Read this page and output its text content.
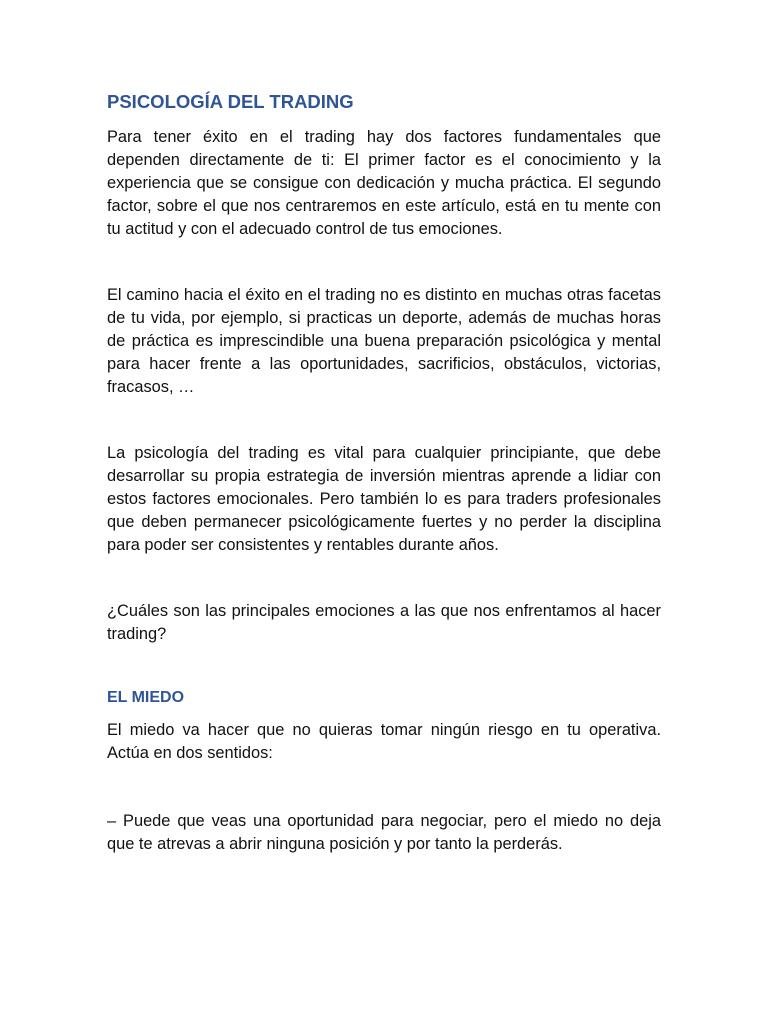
PSICOLOGÍA DEL TRADING

Para tener éxito en el trading hay dos factores fundamentales que dependen directamente de ti: El primer factor es el conocimiento y la experiencia que se consigue con dedicación y mucha práctica. El segundo factor, sobre el que nos centraremos en este artículo, está en tu mente con tu actitud y con el adecuado control de tus emociones.

El camino hacia el éxito en el trading no es distinto en muchas otras facetas de tu vida, por ejemplo, si practicas un deporte, además de muchas horas de práctica es imprescindible una buena preparación psicológica y mental para hacer frente a las oportunidades, sacrificios, obstáculos, victorias, fracasos, …

La psicología del trading es vital para cualquier principiante, que debe desarrollar su propia estrategia de inversión mientras aprende a lidiar con estos factores emocionales. Pero también lo es para traders profesionales que deben permanecer psicológicamente fuertes y no perder la disciplina para poder ser consistentes y rentables durante años.

¿Cuáles son las principales emociones a las que nos enfrentamos al hacer trading?

EL MIEDO

El miedo va hacer que no quieras tomar ningún riesgo en tu operativa. Actúa en dos sentidos:

– Puede que veas una oportunidad para negociar, pero el miedo no deja que te atrevas a abrir ninguna posición y por tanto la perderás.
